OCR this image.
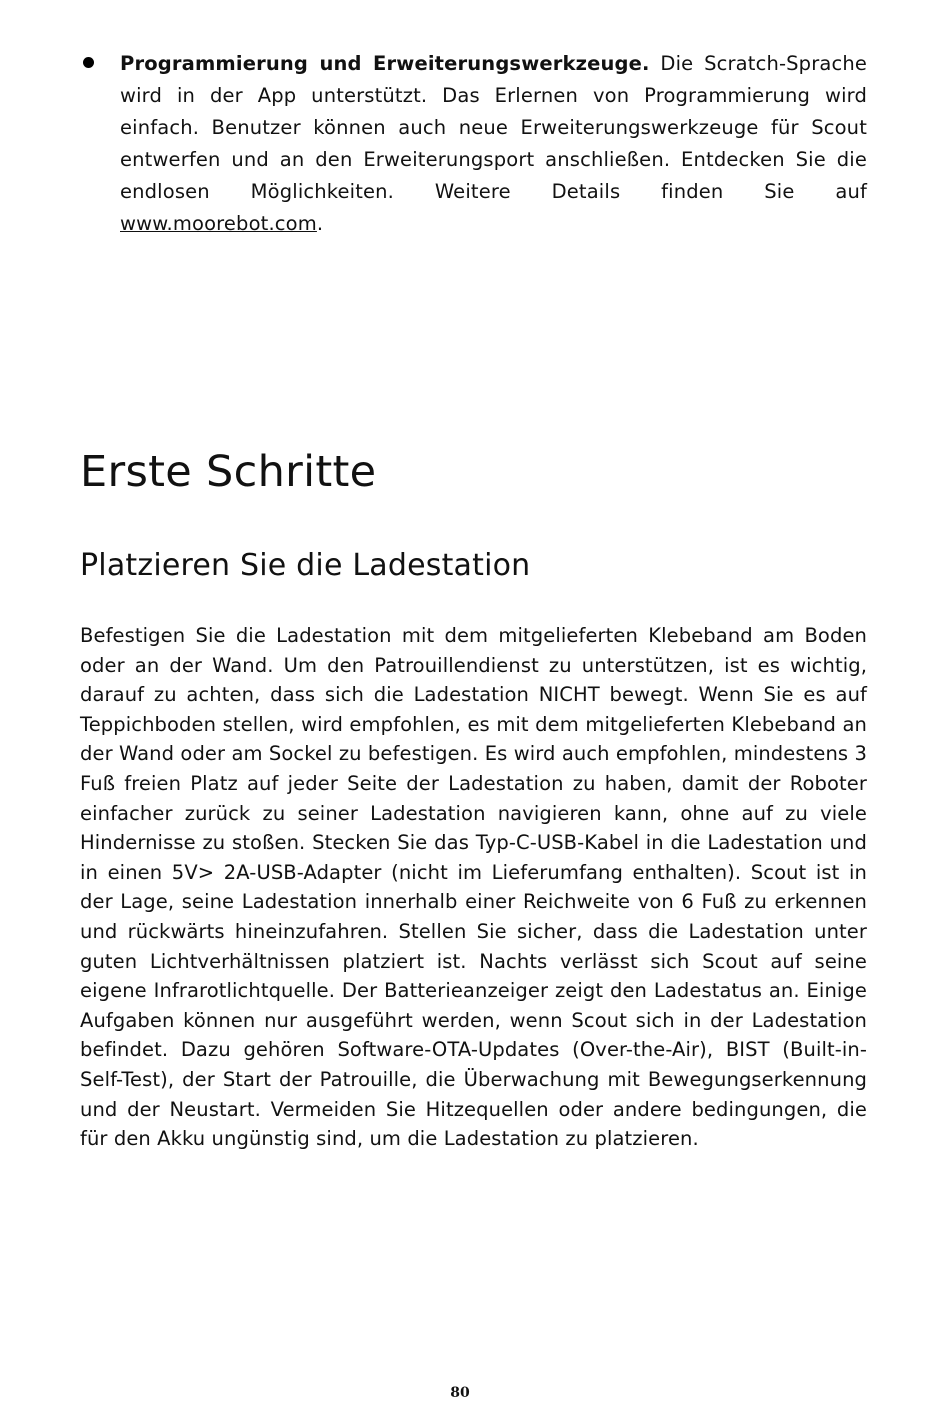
Programmierung und Erweiterungswerkzeuge. Die Scratch-Sprache wird in der App unterstützt. Das Erlernen von Programmierung wird einfach. Benutzer können auch neue Erweiterungswerkzeuge für Scout entwerfen und an den Erweiterungsport anschließen. Entdecken Sie die endlosen Möglichkeiten. Weitere Details finden Sie auf www.moorebot.com.
Erste Schritte
Platzieren Sie die Ladestation

Befestigen Sie die Ladestation mit dem mitgelieferten Klebeband am Boden oder an der Wand. Um den Patrouillendienst zu unterstützen, ist es wichtig, darauf zu achten, dass sich die Ladestation NICHT bewegt. Wenn Sie es auf Teppichboden stellen, wird empfohlen, es mit dem mitgelieferten Klebeband an der Wand oder am Sockel zu befestigen. Es wird auch empfohlen, mindestens 3 Fuß freien Platz auf jeder Seite der Ladestation zu haben, damit der Roboter einfacher zurück zu seiner Ladestation navigieren kann, ohne auf zu viele Hindernisse zu stoßen. Stecken Sie das Typ-C-USB-Kabel in die Ladestation und in einen 5V> 2A-USB-Adapter (nicht im Lieferumfang enthalten). Scout ist in der Lage, seine Ladestation innerhalb einer Reichweite von 6 Fuß zu erkennen und rückwärts hineinzufahren. Stellen Sie sicher, dass die Ladestation unter guten Lichtverhältnissen platziert ist. Nachts verlässt sich Scout auf seine eigene Infrarotlichtquelle. Der Batterieanzeiger zeigt den Ladestatus an. Einige Aufgaben können nur ausgeführt werden, wenn Scout sich in der Ladestation befindet. Dazu gehören Software-OTA-Updates (Over-the-Air), BIST (Built-in-Self-Test), der Start der Patrouille, die Überwachung mit Bewegungserkennung und der Neustart. Vermeiden Sie Hitzequellen oder andere bedingungen, die für den Akku ungünstig sind, um die Ladestation zu platzieren.

80
